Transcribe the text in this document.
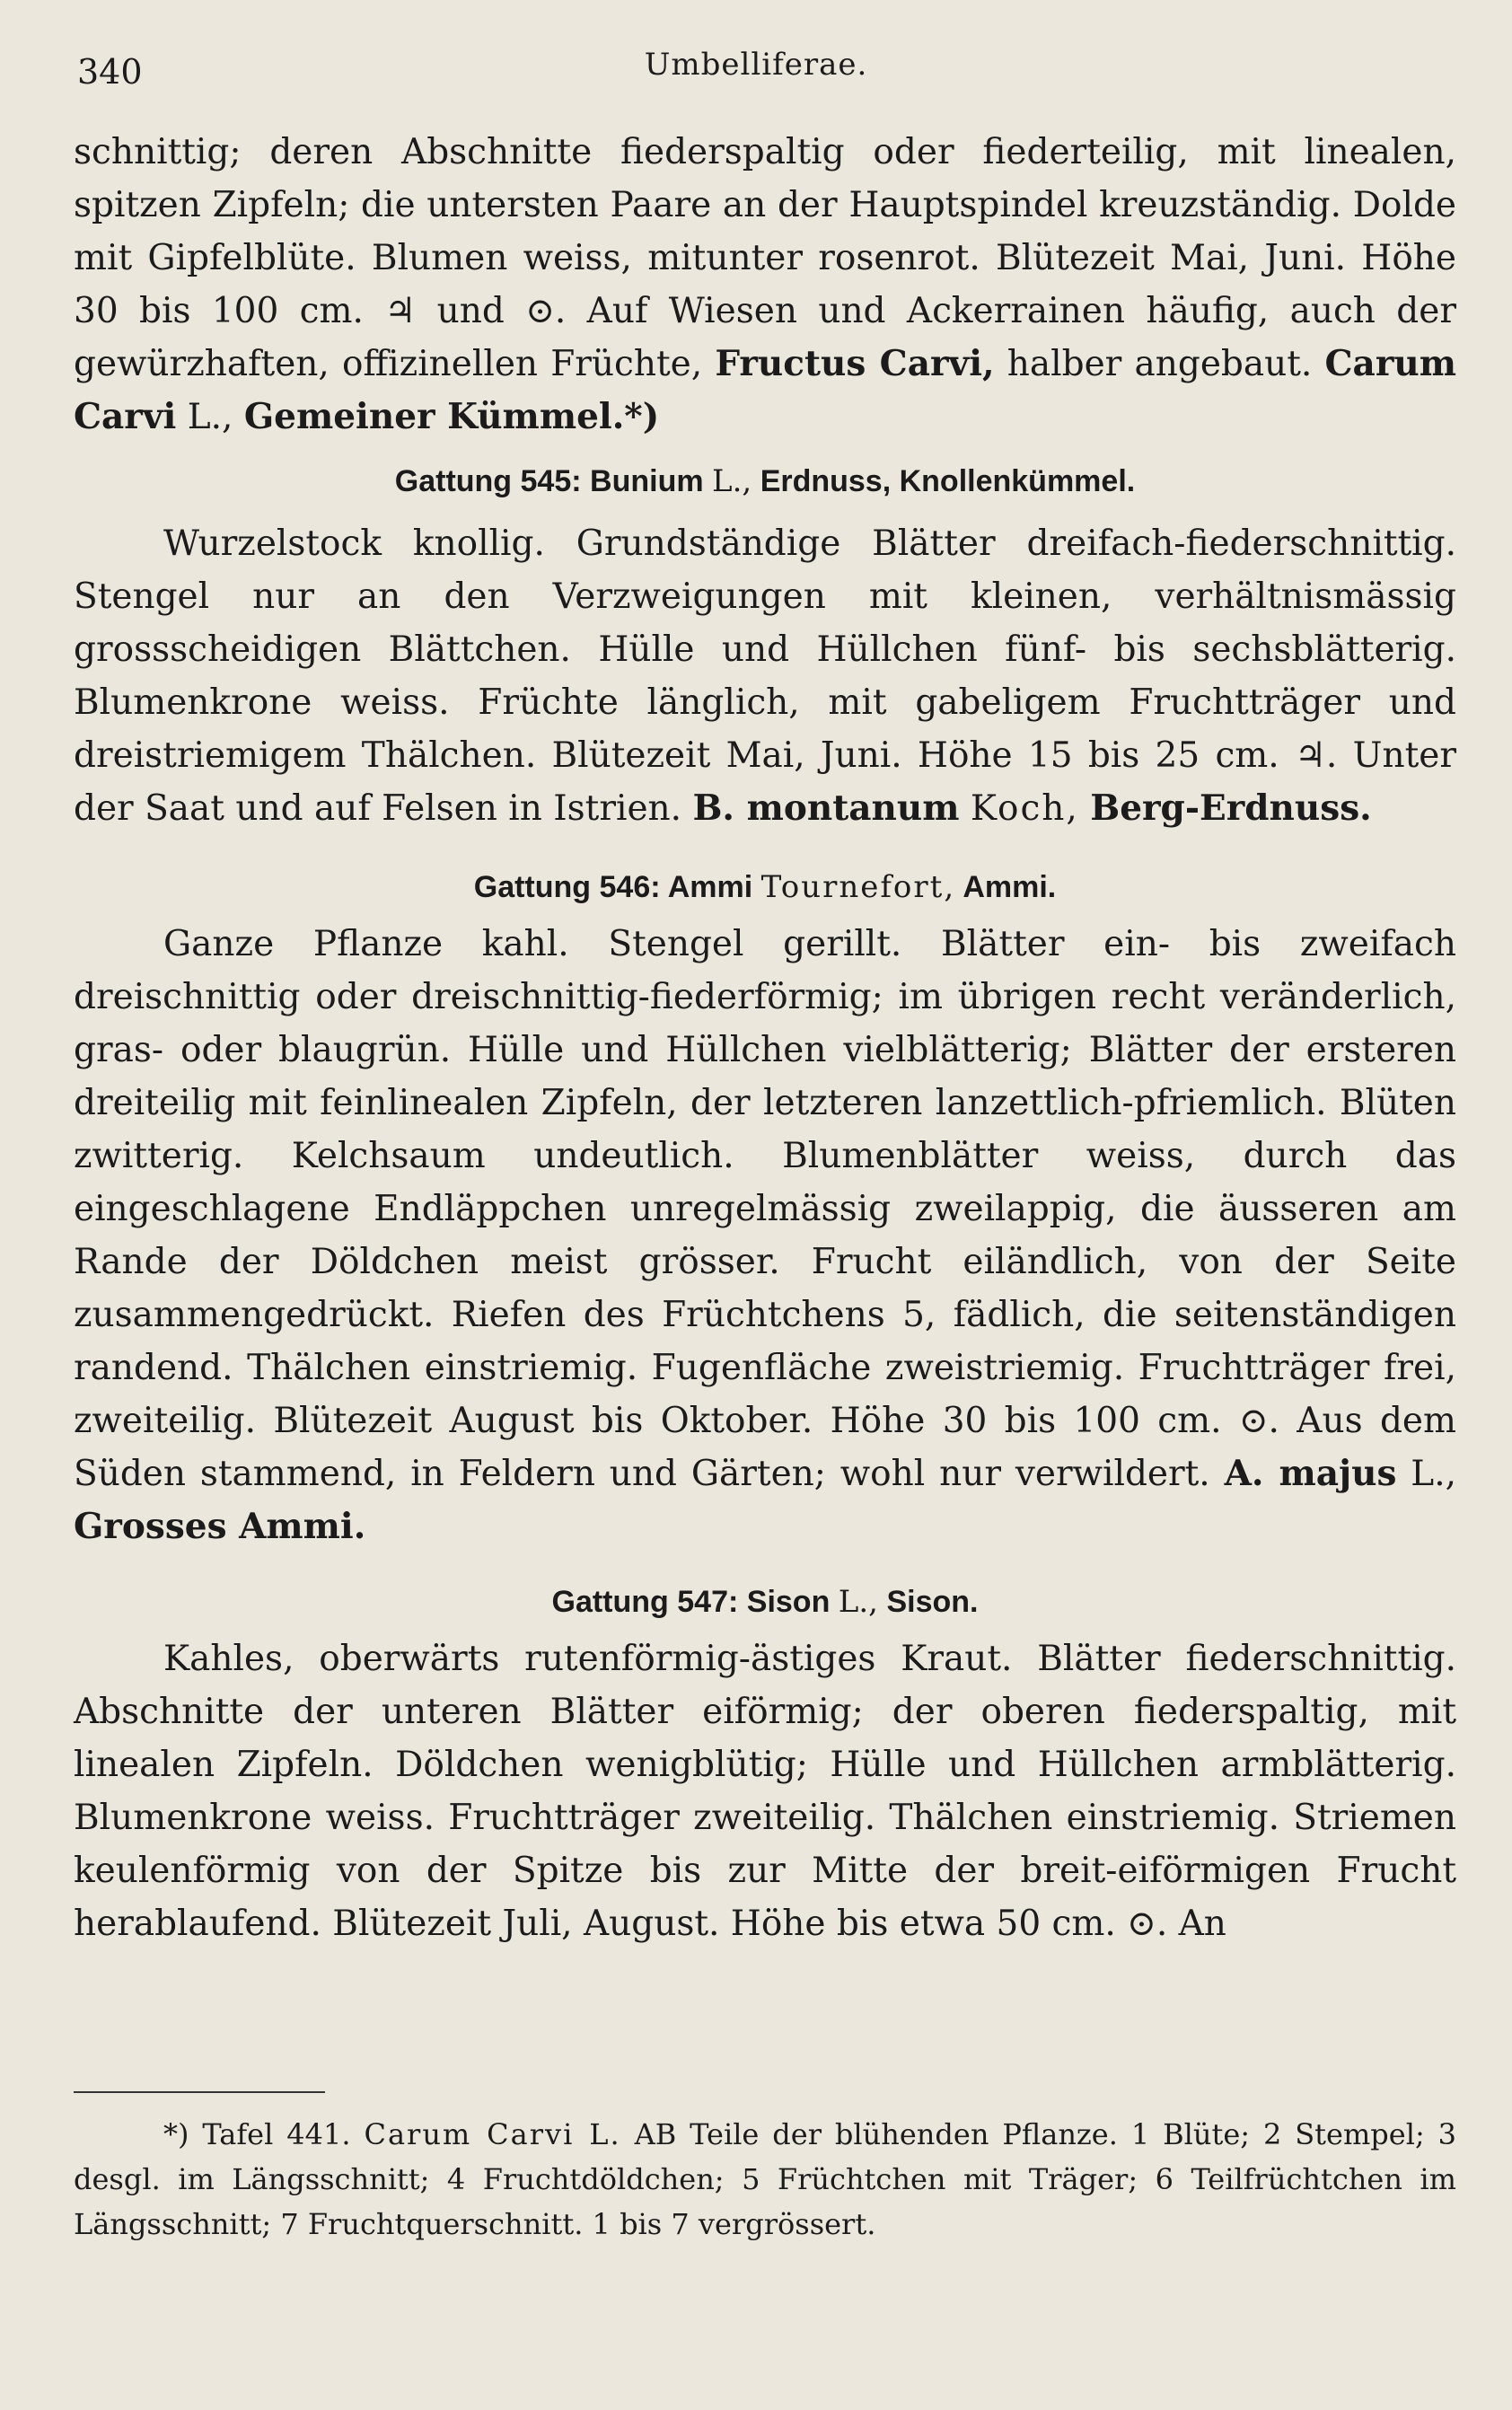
340	Umbelliferae.

schnittig; deren Abschnitte fiederspaltig oder fiederteilig, mit linealen, spitzen Zipfeln; die untersten Paare an der Hauptspindel kreuzständig. Dolde mit Gipfelblüte. Blumen weiss, mitunter rosenrot. Blütezeit Mai, Juni. Höhe 30 bis 100 cm. ♃ und ⊙. Auf Wiesen und Ackerrainen häufig, auch der gewürzhaften, offizinellen Früchte, Fructus Carvi, halber angebaut. Carum Carvi L., Gemeiner Kümmel.*)

Gattung 545: Bunium L., Erdnuss, Knollenkümmel.

Wurzelstock knollig. Grundständige Blätter dreifach-fiederschnittig. Stengel nur an den Verzweigungen mit kleinen, verhältnismässig grossscheidigen Blättchen. Hülle und Hüllchen fünf- bis sechsblätterig. Blumenkrone weiss. Früchte länglich, mit gabeligem Fruchtträger und dreistriemigem Thälchen. Blütezeit Mai, Juni. Höhe 15 bis 25 cm. ♃. Unter der Saat und auf Felsen in Istrien. B. montanum Koch, Berg-Erdnuss.

Gattung 546: Ammi Tournefort, Ammi.

Ganze Pflanze kahl. Stengel gerillt. Blätter ein- bis zweifach dreischnittig oder dreischnittig-fiederförmig; im übrigen recht veränderlich, gras- oder blaugrün. Hülle und Hüllchen vielblätterig; Blätter der ersteren dreiteilig mit feinlinealen Zipfeln, der letzteren lanzettlich-pfriemlich. Blüten zwitterig. Kelchsaum undeutlich. Blumenblätter weiss, durch das eingeschlagene Endläppchen unregelmässig zweilappig, die äusseren am Rande der Döldchen meist grösser. Frucht eiländlich, von der Seite zusammengedrückt. Riefen des Früchtchens 5, fädlich, die seitenständigen randend. Thälchen einstriemig. Fugenfläche zweistriemig. Fruchtträger frei, zweiteilig. Blütezeit August bis Oktober. Höhe 30 bis 100 cm. ⊙. Aus dem Süden stammend, in Feldern und Gärten; wohl nur verwildert. A. majus L., Grosses Ammi.

Gattung 547: Sison L., Sison.

Kahles, oberwärts rutenförmig-ästiges Kraut. Blätter fiederschnittig. Abschnitte der unteren Blätter eiförmig; der oberen fiederspaltig, mit linealen Zipfeln. Döldchen wenigblütig; Hülle und Hüllchen armblätterig. Blumenkrone weiss. Fruchtträger zweiteilig. Thälchen einstriemig. Striemen keulenförmig von der Spitze bis zur Mitte der breit-eiförmigen Frucht herablaufend. Blütezeit Juli, August. Höhe bis etwa 50 cm. ⊙. An

*) Tafel 441. Carum Carvi L. AB Teile der blühenden Pflanze. 1 Blüte; 2 Stempel; 3 desgl. im Längsschnitt; 4 Fruchtdöldchen; 5 Früchtchen mit Träger; 6 Teilfrüchtchen im Längsschnitt; 7 Fruchtquerschnitt. 1 bis 7 vergrössert.
